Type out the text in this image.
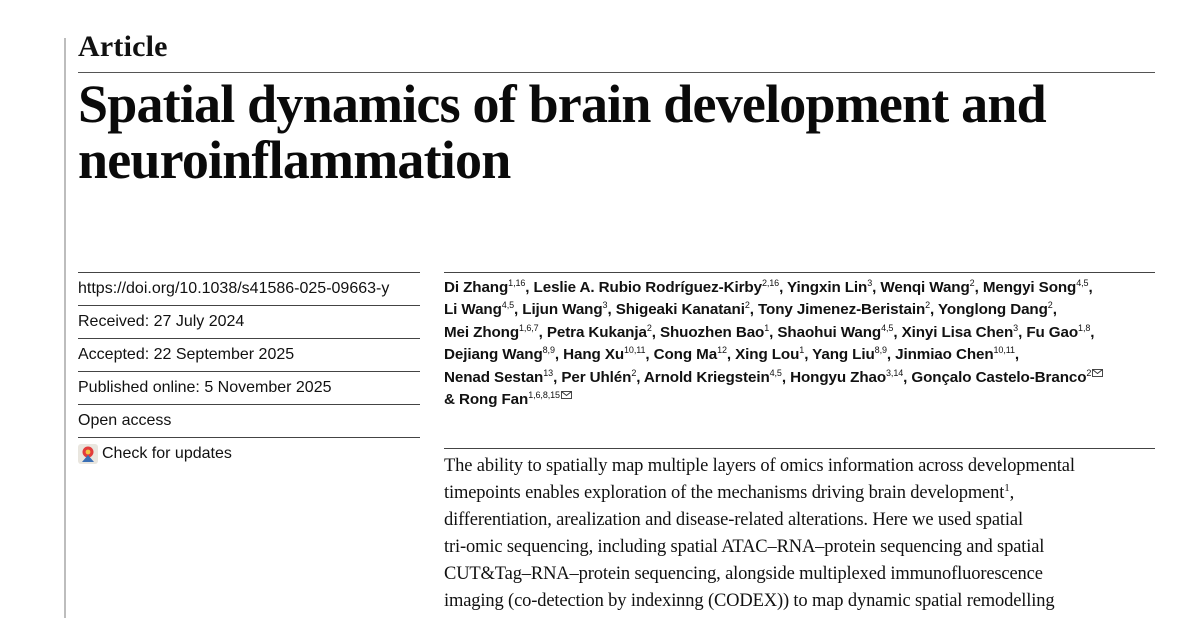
Article
Spatial dynamics of brain development and
neuroinflammation
https://doi.org/10.1038/s41586-025-09663-y
Received: 27 July 2024
Accepted: 22 September 2025
Published online: 5 November 2025
Open access
Check for updates
Di Zhang$^{1,16}$, Leslie A. Rubio Rodríguez-Kirby$^{2,16}$, Yingxin Lin$^3$, Wenqi Wang$^2$, Mengyi Song$^{4,5}$,
Li Wang$^{4,5}$, Lijun Wang$^3$, Shigeaki Kanatani$^2$, Tony Jimenez-Beristain$^2$, Yonglong Dang$^2$,
Mei Zhong$^{1,6,7}$, Petra Kukanja$^2$, Shuozhen Bao$^1$, Shaohui Wang$^{4,5}$, Xinyi Lisa Chen$^3$, Fu Gao$^{1,8}$,
Dejiang Wang$^{8,9}$, Hang Xu$^{10,11}$, Cong Ma$^{12}$, Xing Lou$^1$, Yang Liu$^{8,9}$, Jinmiao Chen$^{10,11}$,
Nenad Sestan$^{13}$, Per Uhlén$^2$, Arnold Kriegstein$^{4,5}$, Hongyu Zhao$^{3,14}$, Gonçalo Castelo-Branco$^2$
& Rong Fan$^{1,6,8,15}$
The ability to spatially map multiple layers of omics information across developmental
timepoints enables exploration of the mechanisms driving brain development$^1$,
differentiation, arealization and disease-related alterations. Here we used spatial
tri-omic sequencing, including spatial ATAC–RNA–protein sequencing and spatial
CUT&Tag–RNA–protein sequencing, alongside multiplexed immunofluorescence
imaging (co-detection by indexinng (CODEX)) to map dynamic spatial remodelling
